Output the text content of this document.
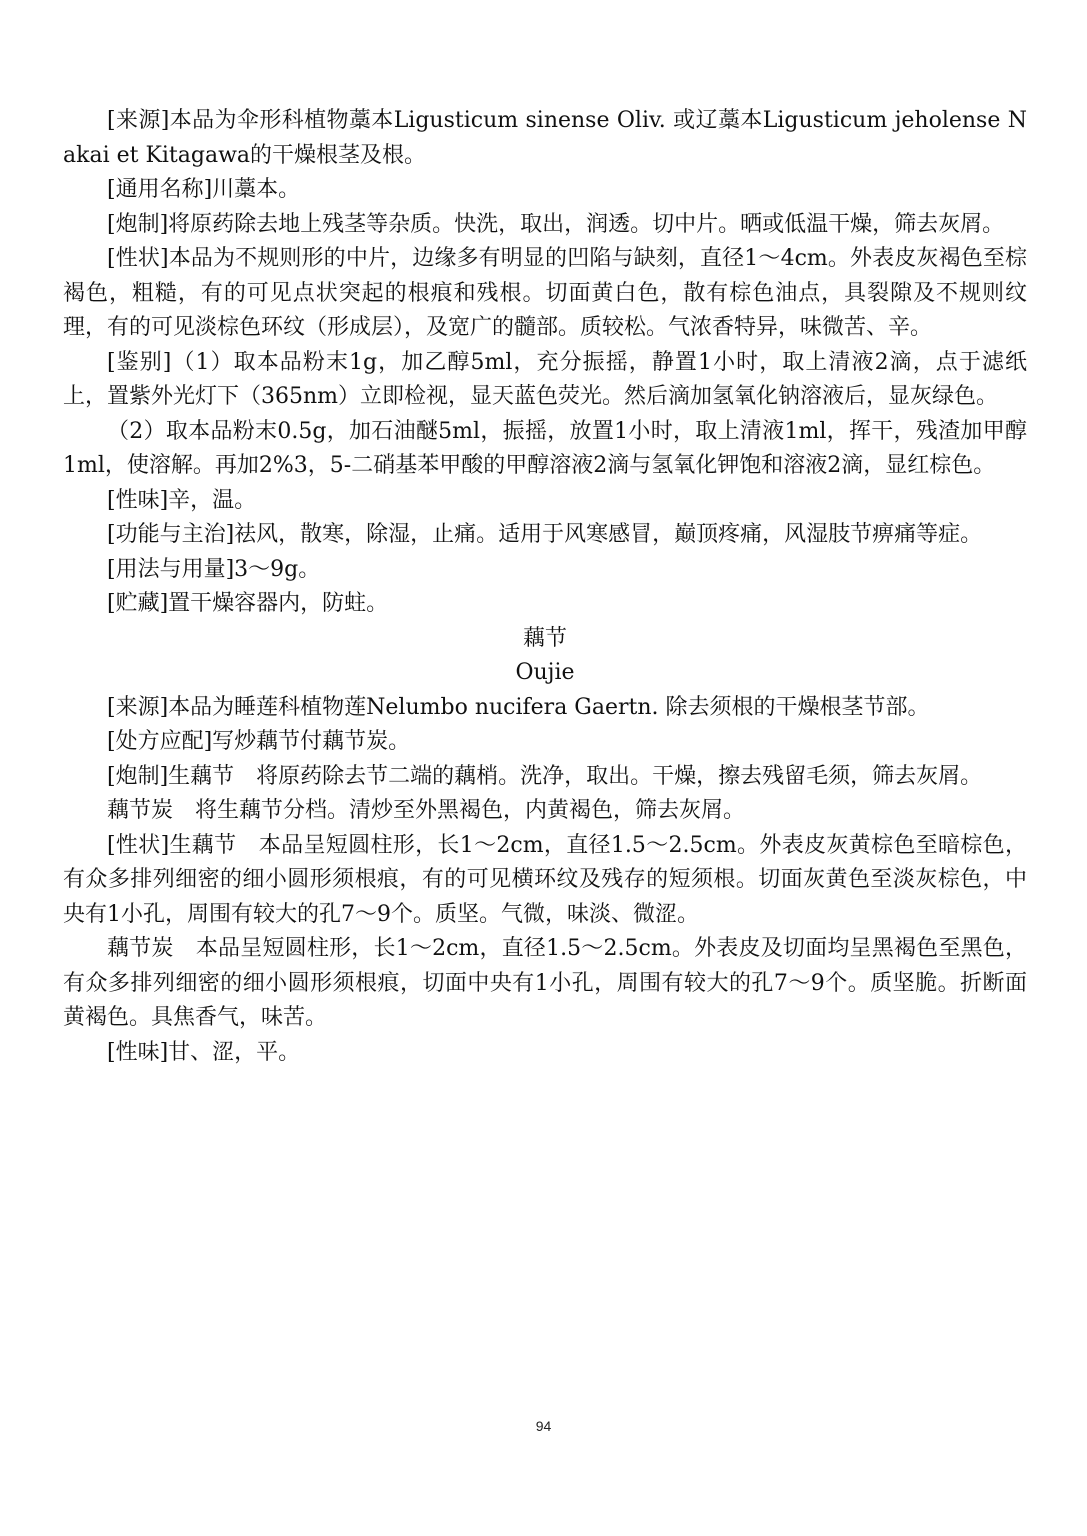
[来源]本品为伞形科植物藁本Ligusticum sinense Oliv. 或辽藁本Ligusticum jeholense Nakai et Kitagawa的干燥根茎及根。

[通用名称]川藁本。

[炮制]将原药除去地上残茎等杂质。快洗，取出，润透。切中片。晒或低温干燥，筛去灰屑。

[性状]本品为不规则形的中片，边缘多有明显的凹陷与缺刻，直径1～4cm。外表皮灰褐色至棕褐色，粗糙，有的可见点状突起的根痕和残根。切面黄白色，散有棕色油点，具裂隙及不规则纹理，有的可见淡棕色环纹（形成层），及宽广的髓部。质较松。气浓香特异，味微苦、辛。

[鉴别]（1）取本品粉末1g，加乙醇5ml，充分振摇，静置1小时，取上清液2滴，点于滤纸上，置紫外光灯下（365nm）立即检视，显天蓝色荧光。然后滴加氢氧化钠溶液后，显灰绿色。

（2）取本品粉末0.5g，加石油醚5ml，振摇，放置1小时，取上清液1ml，挥干，残渣加甲醇1ml，使溶解。再加2%3，5-二硝基苯甲酸的甲醇溶液2滴与氢氧化钾饱和溶液2滴，显红棕色。

[性味]辛，温。

[功能与主治]祛风，散寒，除湿，止痛。适用于风寒感冒，巅顶疼痛，风湿肢节痹痛等症。

[用法与用量]3～9g。

[贮藏]置干燥容器内，防蛀。

藕节

Oujie

[来源]本品为睡莲科植物莲Nelumbo nucifera Gaertn. 除去须根的干燥根茎节部。

[处方应配]写炒藕节付藕节炭。

[炮制]生藕节　将原药除去节二端的藕梢。洗净，取出。干燥，擦去残留毛须，筛去灰屑。

藕节炭　将生藕节分档。清炒至外黑褐色，内黄褐色，筛去灰屑。

[性状]生藕节　本品呈短圆柱形，长1～2cm，直径1.5～2.5cm。外表皮灰黄棕色至暗棕色，有众多排列细密的细小圆形须根痕，有的可见横环纹及残存的短须根。切面灰黄色至淡灰棕色，中央有1小孔，周围有较大的孔7～9个。质坚。气微，味淡、微涩。

藕节炭　本品呈短圆柱形，长1～2cm，直径1.5～2.5cm。外表皮及切面均呈黑褐色至黑色，有众多排列细密的细小圆形须根痕，切面中央有1小孔，周围有较大的孔7～9个。质坚脆。折断面黄褐色。具焦香气，味苦。

[性味]甘、涩，平。

94
